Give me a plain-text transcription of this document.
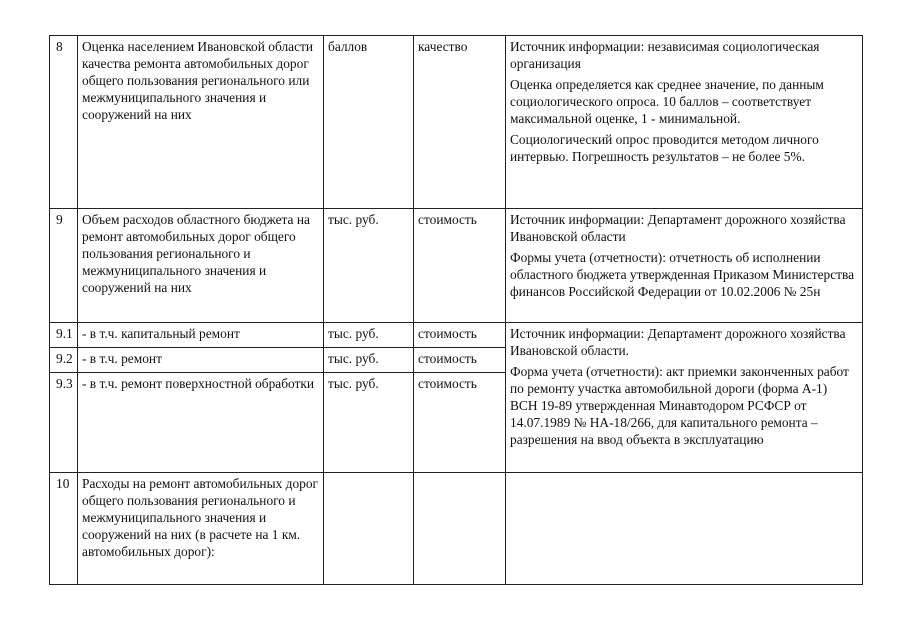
8	Оценка населением Ивановской области качества ремонта автомобильных дорог общего пользования регионального или межмуниципального значения и сооружений на них	баллов	качество	Источник информации: независимая социологическая организация

Оценка определяется как среднее значение, по данным социологического опроса. 10 баллов – соответствует максимальной оценке, 1 - минимальной.

Социологический опрос проводится методом личного интервью. Погрешность результатов – не более 5%.

9	Объем расходов областного бюджета на ремонт автомобильных дорог общего пользования регионального и межмуниципального значения и сооружений на них	тыс. руб.	стоимость	Источник информации: Департамент дорожного хозяйства Ивановской области

Формы учета (отчетности): отчетность об исполнении областного бюджета утвержденная Приказом Министерства финансов Российской Федерации от 10.02.2006 № 25н

9.1	- в т.ч. капитальный ремонт	тыс. руб.	стоимость	Источник информации: Департамент дорожного хозяйства Ивановской области.

Форма учета (отчетности): акт приемки законченных работ по ремонту участка автомобильной дороги (форма А-1) ВСН 19-89 утвержденная Минавтодором РСФСР от 14.07.1989 № НА-18/266, для капитального ремонта – разрешения на ввод объекта в эксплуатацию

9.2	- в т.ч. ремонт	тыс. руб.	стоимость	
9.3	- в т.ч. ремонт поверхностной обработки	тыс. руб.	стоимость	
10	Расходы на ремонт автомобильных дорог общего пользования регионального и межмуниципального значения и сооружений на них (в расчете на 1 км. автомобильных дорог):			
